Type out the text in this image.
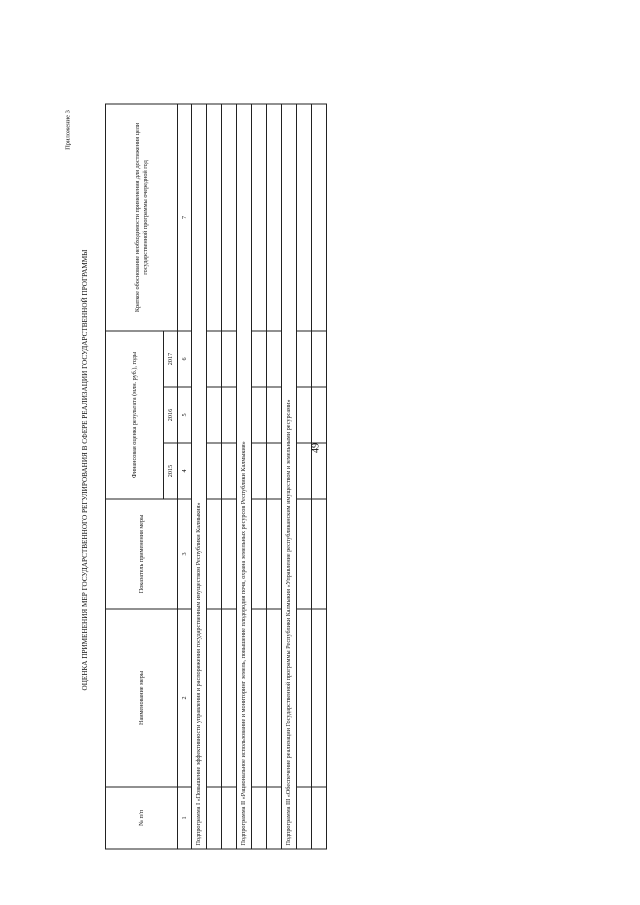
49
Приложение 3
ОЦЕНКА ПРИМЕНЕНИЯ МЕР ГОСУДАРСТВЕННОГО РЕГУЛИРОВАНИЯ В СФЕРЕ РЕАЛИЗАЦИИ ГОСУДАРСТВЕННОЙ ПРОГРАММЫ
№ п/п	Наименование меры	Показатель применения меры	Финансовая оценка результата (млн. руб.), годы			Краткое обоснование необходимости применения для достижения цели государственной программы очередной год
			2015	2016	2017	
1	2	3	4	5	6	7
Подпрограмма I «Повышение эффективности управления и распоряжения государственным имуществом Республики Калмыкия»						

Подпрограмма II «Рациональное использование и мониторинг земель, повышение плодородия почв, охрана земельных ресурсов Республики Калмыкия»						

Подпрограмма III «Обеспечение реализации Государственной программы Республики Калмыкия «Управление республиканским имуществом и земельными ресурсами»						
